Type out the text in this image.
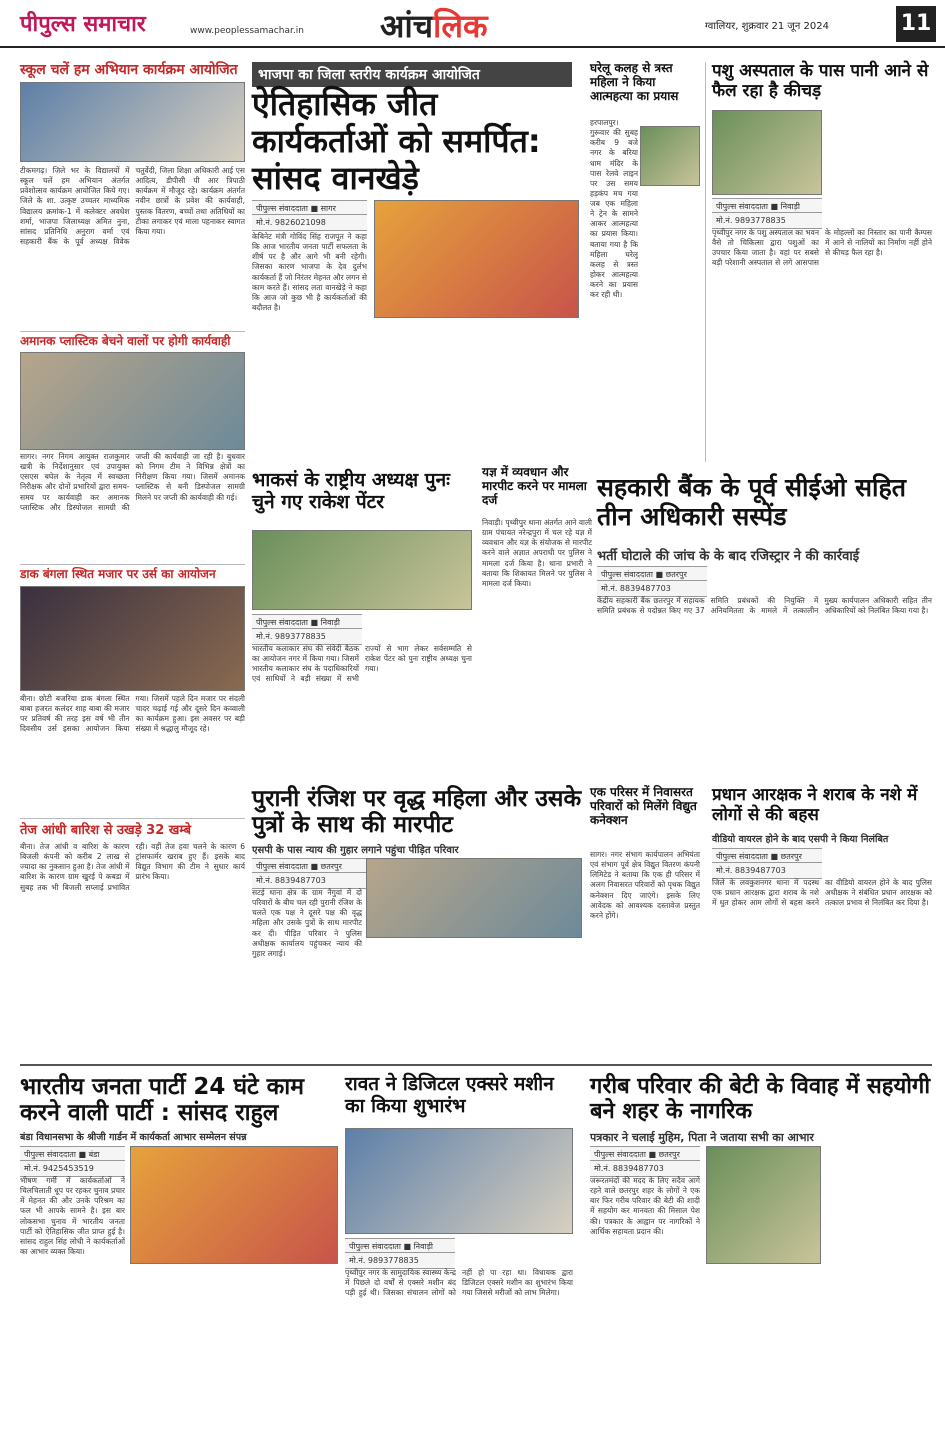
पीपुल्स समाचार	www.peoplessamachar.in आंचलिक	ग्वालियर, शुक्रवार 21 जून 2024	11
स्कूल चलें हम अभियान कार्यक्रम आयोजित
टीकमगढ़। जिले भर के विद्यालयों में स्कूल चलें हम अभियान अंतर्गत प्रवेशोत्सव कार्यक्रम आयोजित किये गए। जिले के शा. उत्कृष्ट उच्चतर माध्यमिक विद्यालय क्रमांक-1 में कलेक्टर अवधेश शर्मा, भाजपा जिलाध्यक्ष अमित नुना, सांसद प्रतिनिधि अनुराग वर्मा एवं सहकारी बैंक के पूर्व अध्यक्ष विवेक चतुर्वेदी, जिला शिक्षा अधिकारी आई एस आदित्य, डीपीसी पी आर त्रिपाठी कार्यक्रम में मौजूद रहे। कार्यक्रम अंतर्गत नवीन छात्रों के प्रवेश की कार्यवाही, पुस्तक वितरण, बच्चों तथा अतिथियों का टीका लगाकर एवं माला पहनाकर स्वागत किया गया।
अमानक प्लास्टिक बेचने वालों पर होगी कार्यवाही
सागर। नगर निगम आयुक्त राजकुमार खत्री के निर्देशानुसार एवं उपायुक्त एसएस बघेल के नेतृत्व में स्वच्छता निरीक्षक और दोनों प्रभारियों द्वारा समय-समय पर कार्यवाही कर अमानक प्लास्टिक और डिस्पोजल सामग्री की जप्ती की कार्यवाही जा रही है। बुधवार को निगम टीम ने विभिन्न क्षेत्रों का निरीक्षण किया गया। जिसमें अमानक प्लास्टिक से बनी डिस्पोजल सामग्री मिलने पर जप्ती की कार्यवाही की गई।
डाक बंगला स्थित मजार पर उर्स का आयोजन
बीना। छोटी बजरिया डाक बंगला स्थित बाबा हजरत कलंदर शाह बाबा की मजार पर प्रतिवर्ष की तरह इस वर्ष भी तीन दिवसीय उर्स इसका आयोजन किया गया। जिसमें पहले दिन मजार पर संदली चादर चढ़ाई गई और दूसरे दिन कव्वाली का कार्यक्रम हुआ। इस अवसर पर बड़ी संख्या में श्रद्धालु मौजूद रहे।
तेज आंधी बारिश से उखड़े 32 खम्बे
बीना। तेज आंधी व बारिश के कारण बिजली कंपनी को करीब 2 लाख से ज्यादा का नुकसान हुआ है। तेज आंधी में बारिश के कारण ग्राम खुरई पे कबडा में सुबह तक भी बिजली सप्लाई प्रभावित रही। वहीं तेज हवा चलने के कारण 6 ट्रांसफार्मर खराब हुए हैं। इसके बाद विद्युत विभाग की टीम ने सुधार कार्य प्रारंभ किया।
भाजपा का जिला स्तरीय कार्यक्रम आयोजित
ऐतिहासिक जीत कार्यकर्ताओं को समर्पित: सांसद वानखेड़े
पीपुल्स संवाददाता ■ सागर
मो.नं. 9826021098
केबिनेट मंत्री गोविंद सिंह राजपूत ने कहा कि आज भारतीय जनता पार्टी सफलता के शीर्ष पर है और आगे भी बनी रहेगी। जिसका कारण भाजपा के देव दुर्लभ कार्यकर्ता हैं जो निरंतर मेहनत और लगन से काम करते हैं। सांसद लता वानखेड़े ने कहा कि आज जो कुछ भी है कार्यकर्ताओं की बदौलत है।
भाकसं के राष्ट्रीय अध्यक्ष पुनः चुने गए राकेश पेंटर
पीपुल्स संवाददाता ■ निवाड़ी
मो.नं. 9893778835
भारतीय कलाकार संघ की संवेदी बैठक का आयोजन नगर में किया गया। जिसमें भारतीय कलाकार संघ के पदाधिकारियों एवं साथियों ने बड़ी संख्या में सभी राज्यों से भाग लेकर सर्वसम्मति से राकेश पेंटर को पुनः राष्ट्रीय अध्यक्ष चुना गया।
घरेलू कलह से त्रस्त महिला ने किया आत्महत्या का प्रयास
हरपालपुर। गुरूवार की सुबह करीब 9 बजे नगर के बरिया धाम मंदिर के पास रेलवे लाइन पर उस समय हड़कंप मच गया जब एक महिला ने ट्रेन के सामने आकर आत्महत्या का प्रयास किया। बताया गया है कि महिला घरेलू कलह से त्रस्त होकर आत्महत्या करने का प्रयास कर रही थी।
यज्ञ में व्यवधान और मारपीट करने पर मामला दर्ज
निवाड़ी। पृथ्वीपुर थाना अंतर्गत आने वाली ग्राम पंचायत नरेन्द्रपुरा में चल रहे यज्ञ में व्यवधान और यज्ञ के संयोजक से मारपीट करने वाले अज्ञात अपराधी पर पुलिस ने मामला दर्ज किया है। थाना प्रभारी ने बताया कि शिकायत मिलने पर पुलिस ने मामला दर्ज किया।
पशु अस्पताल के पास पानी आने से फैल रहा है कीचड़
पीपुल्स संवाददाता ■ निवाड़ी
मो.नं. 9893778835
पृथ्वीपुर नगर के पशु अस्पताल का भवन वैसे तो चिकित्सा द्वारा पशुओं का उपचार किया जाता है। वहां पर सबसे बड़ी परेशानी अस्पताल से लगे आसपास के मोहल्लों का निस्तार का पानी कैम्पस में आने से नालियों का निर्माण नहीं होने से कीचड़ फैल रहा है।
सहकारी बैंक के पूर्व सीईओ सहित तीन अधिकारी सस्पेंड
भर्ती घोटाले की जांच के के बाद रजिस्ट्रार ने की कार्रवाई
पीपुल्स संवाददाता ■ छतरपुर
मो.नं. 8839487703
केंद्रीय सहकारी बैंक छतरपुर में सहायक समिति प्रबंधक से पदोन्नत किए गए 37 समिति प्रबंधकों की नियुक्ति में अनियमितता के मामले में तत्कालीन मुख्य कार्यपालन अधिकारी सहित तीन अधिकारियों को निलंबित किया गया है।
पुरानी रंजिश पर वृद्ध महिला और उसके पुत्रों के साथ की मारपीट
एसपी के पास न्याय की गुहार लगाने पहुंचा पीड़ित परिवार
पीपुल्स संवाददाता ■ छतरपुर
मो.नं. 8839487703
सटई थाना क्षेत्र के ग्राम नैगुवां में दो परिवारों के बीच चल रही पुरानी रंजिश के चलते एक पक्ष ने दूसरे पक्ष की वृद्ध महिला और उसके पुत्रों के साथ मारपीट कर दी। पीड़ित परिवार ने पुलिस अधीक्षक कार्यालय पहुंचकर न्याय की गुहार लगाई।
एक परिसर में निवासरत परिवारों को मिलेंगे विद्युत कनेक्शन
सागर। नगर संभाग कार्यपालन अभियंता एवं संभाग पूर्व क्षेत्र विद्युत वितरण कंपनी लिमिटेड ने बताया कि एक ही परिसर में अलग निवासरत परिवारों को पृथक विद्युत कनेक्शन दिए जाएंगे। इसके लिए आवेदक को आवश्यक दस्तावेज प्रस्तुत करने होंगे।
प्रधान आरक्षक ने शराब के नशे में लोगों से की बहस
वीडियो वायरल होने के बाद एसपी ने किया निलंबित
पीपुल्स संवाददाता ■ छतरपुर
मो.नं. 8839487703
जिले के लवकुशनगर थाना में पदस्थ एक प्रधान आरक्षक द्वारा शराब के नशे में धुत होकर आम लोगों से बहस करने का वीडियो वायरल होने के बाद पुलिस अधीक्षक ने संबंधित प्रधान आरक्षक को तत्काल प्रभाव से निलंबित कर दिया है।
भारतीय जनता पार्टी 24 घंटे काम करने वाली पार्टी : सांसद राहुल
बंडा विधानसभा के श्रीजी गार्डन में कार्यकर्ता आभार सम्मेलन संपन्न
पीपुल्स संवाददाता ■ बंडा
मो.नं. 9425453519
भीषण गर्मी में कार्यकर्ताओं ने चिलचिलाती धूप पर रहकर चुनाव प्रचार में मेहनत की और उनके परिश्रम का फल भी आपके सामने है। इस बार लोकसभा चुनाव में भारतीय जनता पार्टी को ऐतिहासिक जीत प्राप्त हुई है। सांसद राहुल सिंह लोधी ने कार्यकर्ताओं का आभार व्यक्त किया।
रावत ने डिजिटल एक्सरे मशीन का किया शुभारंभ
पीपुल्स संवाददाता ■ निवाड़ी
मो.नं. 9893778835
पृथ्वीपुर नगर के सामुदायिक स्वास्थ्य केन्द्र में पिछले दो वर्षों से एक्सरे मशीन बंद पड़ी हुई थी। जिसका संचालन लोगों को नहीं हो पा रहा था। विधायक द्वारा डिजिटल एक्सरे मशीन का शुभारंभ किया गया जिससे मरीजों को लाभ मिलेगा।
गरीब परिवार की बेटी के विवाह में सहयोगी बने शहर के नागरिक
पत्रकार ने चलाई मुहिम, पिता ने जताया सभी का आभार
पीपुल्स संवाददाता ■ छतरपुर
मो.नं. 8839487703
जरूरतमंदों की मदद के लिए सदैव आगे रहने वाले छतरपुर शहर के लोगों ने एक बार फिर गरीब परिवार की बेटी की शादी में सहयोग कर मानवता की मिसाल पेश की। पत्रकार के आह्वान पर नागरिकों ने आर्थिक सहायता प्रदान की।
